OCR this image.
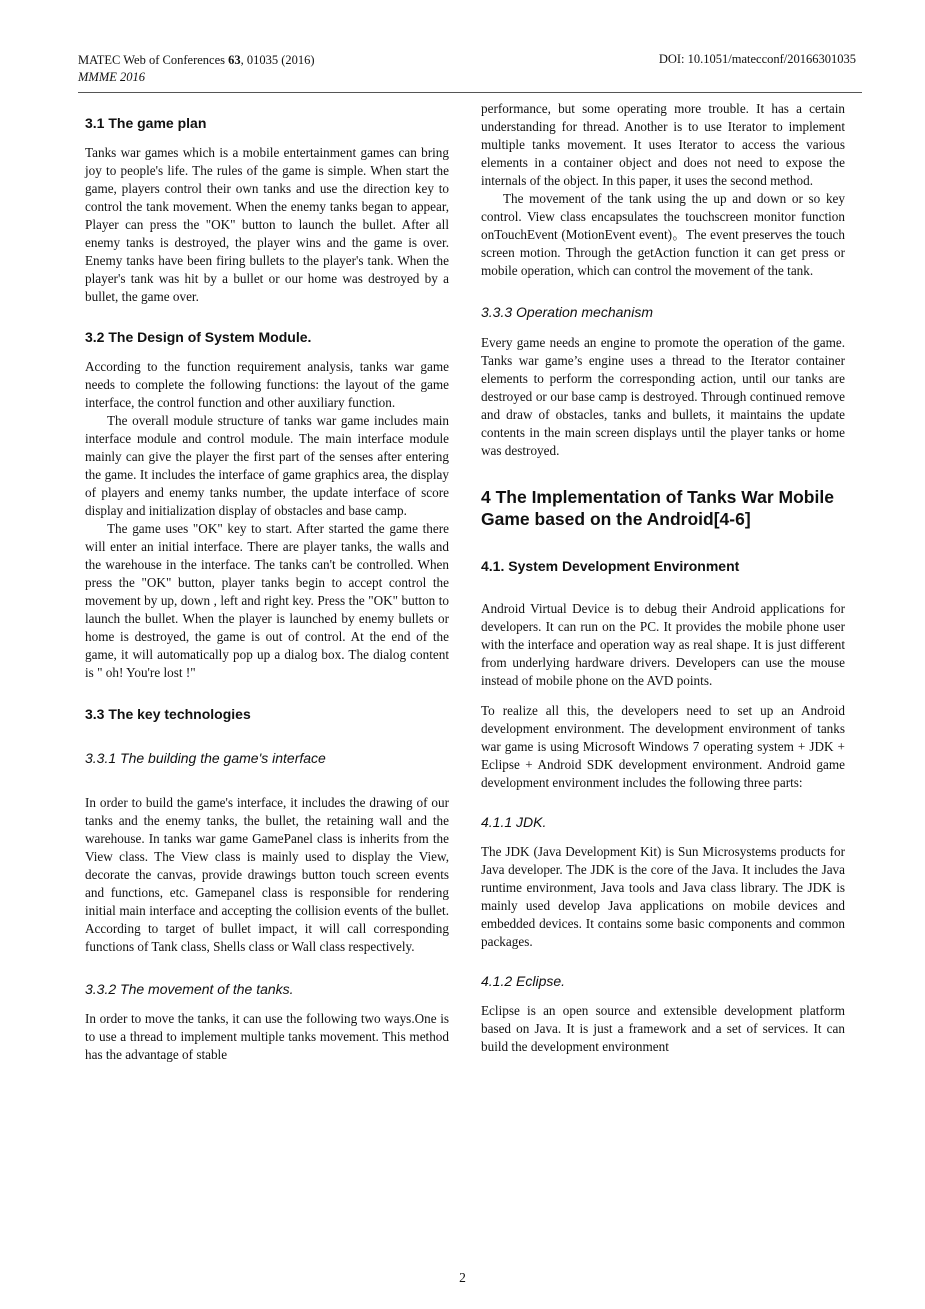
MATEC Web of Conferences 63, 01035 (2016)
MMME 2016
DOI: 10.1051/matecconf/20166301035
3.1 The game plan

Tanks war games which is a mobile entertainment games can bring joy to people's life. The rules of the game is simple. When start the game, players control their own tanks and use the direction key to control the tank movement. When the enemy tanks began to appear, Player can press the "OK" button to launch the bullet. After all enemy tanks is destroyed, the player wins and the game is over. Enemy tanks have been firing bullets to the player's tank. When the player's tank was hit by a bullet or our home was destroyed by a bullet, the game over.

3.2 The Design of System Module.

According to the function requirement analysis, tanks war game needs to complete the following functions: the layout of the game interface, the control function and other auxiliary function.

The overall module structure of tanks war game includes main interface module and control module. The main interface module mainly can give the player the first part of the senses after entering the game. It includes the interface of game graphics area, the display of players and enemy tanks number, the update interface of score display and initialization display of obstacles and base camp.

The game uses "OK" key to start. After started the game there will enter an initial interface. There are player tanks, the walls and the warehouse in the interface. The tanks can't be controlled. When press the "OK" button, player tanks begin to accept control the movement by up, down , left and right key. Press the "OK" button to launch the bullet. When the player is launched by enemy bullets or home is destroyed, the game is out of control. At the end of the game, it will automatically pop up a dialog box. The dialog content is " oh! You're lost !"

3.3 The key technologies
3.3.1 The building the game's interface

In order to build the game's interface, it includes the drawing of our tanks and the enemy tanks, the bullet, the retaining wall and the warehouse. In tanks war game GamePanel class is inherits from the View class. The View class is mainly used to display the View, decorate the canvas, provide drawings button touch screen events and functions, etc. Gamepanel class is responsible for rendering initial main interface and accepting the collision events of the bullet. According to target of bullet impact, it will call corresponding functions of Tank class, Shells class or Wall class respectively.

3.3.2 The movement of the tanks.

In order to move the tanks, it can use the following two ways.One is to use a thread to implement multiple tanks movement. This method has the advantage of stable

performance, but some operating more trouble. It has a certain understanding for thread. Another is to use Iterator to implement multiple tanks movement. It uses Iterator to access the various elements in a container object and does not need to expose the internals of the object. In this paper, it uses the second method.

The movement of the tank using the up and down or so key control. View class encapsulates the touchscreen monitor function onTouchEvent (MotionEvent event)。The event preserves the touch screen motion. Through the getAction function it can get press or mobile operation, which can control the movement of the tank.

3.3.3 Operation mechanism

Every game needs an engine to promote the operation of the game. Tanks war game’s engine uses a thread to the Iterator container elements to perform the corresponding action, until our tanks are destroyed or our base camp is destroyed. Through continued remove and draw of obstacles, tanks and bullets, it maintains the update contents in the main screen displays until the player tanks or home was destroyed.

4 The Implementation of Tanks War Mobile Game based on the Android[4-6]
4.1. System Development Environment

Android Virtual Device is to debug their Android applications for developers. It can run on the PC. It provides the mobile phone user with the interface and operation way as real shape. It is just different from underlying hardware drivers. Developers can use the mouse instead of mobile phone on the AVD points.

To realize all this, the developers need to set up an Android development environment. The development environment of tanks war game is using Microsoft Windows 7 operating system + JDK + Eclipse + Android SDK development environment. Android game development environment includes the following three parts:

4.1.1 JDK.

The JDK (Java Development Kit) is Sun Microsystems products for Java developer. The JDK is the core of the Java. It includes the Java runtime environment, Java tools and Java class library. The JDK is mainly used develop Java applications on mobile devices and embedded devices. It contains some basic components and common packages.

4.1.2 Eclipse.

Eclipse is an open source and extensible development platform based on Java. It is just a framework and a set of services. It can build the development environment

2
